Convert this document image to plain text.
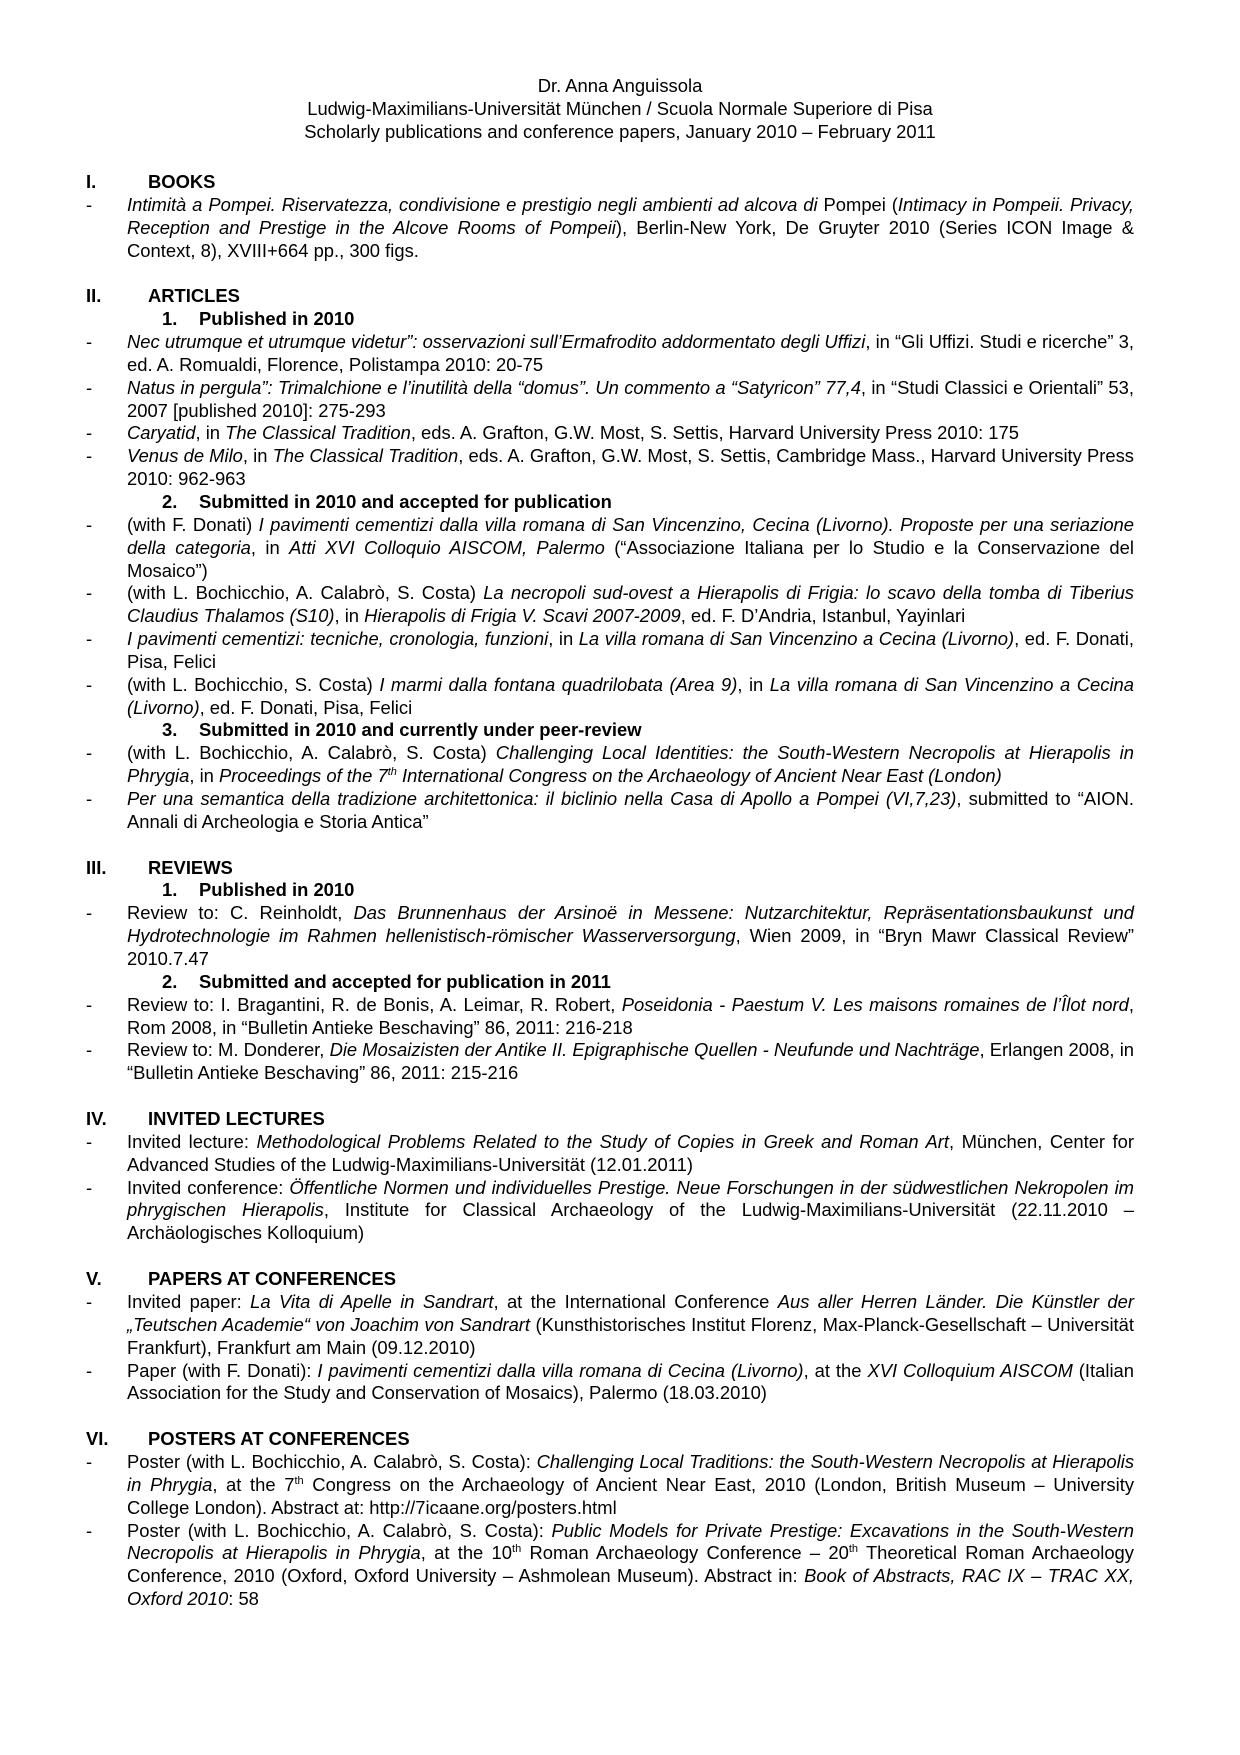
Dr. Anna Anguissola
Ludwig-Maximilians-Universität München / Scuola Normale Superiore di Pisa
Scholarly publications and conference papers, January 2010 – February 2011
I.	BOOKS
- Intimità a Pompei. Riservatezza, condivisione e prestigio negli ambienti ad alcova di Pompei (Intimacy in Pompeii. Privacy, Reception and Prestige in the Alcove Rooms of Pompeii), Berlin-New York, De Gruyter 2010 (Series ICON Image & Context, 8), XVIII+664 pp., 300 figs.
II.	ARTICLES
1. Published in 2010
- Nec utrumque et utrumque videtur”: osservazioni sull’Ermafrodito addormentato degli Uffizi, in “Gli Uffizi. Studi e ricerche” 3, ed. A. Romualdi, Florence, Polistampa 2010: 20-75
- Natus in pergula”: Trimalchione e l’inutilità della “domus”. Un commento a “Satyricon” 77,4, in “Studi Classici e Orientali” 53, 2007 [published 2010]: 275-293
- Caryatid, in The Classical Tradition, eds. A. Grafton, G.W. Most, S. Settis, Harvard University Press 2010: 175
- Venus de Milo, in The Classical Tradition, eds. A. Grafton, G.W. Most, S. Settis, Cambridge Mass., Harvard University Press 2010: 962-963
2. Submitted in 2010 and accepted for publication
- (with F. Donati) I pavimenti cementizi dalla villa romana di San Vincenzino, Cecina (Livorno). Proposte per una seriazione della categoria, in Atti XVI Colloquio AISCOM, Palermo (“Associazione Italiana per lo Studio e la Conservazione del Mosaico”)
- (with L. Bochicchio, A. Calabrò, S. Costa) La necropoli sud-ovest a Hierapolis di Frigia: lo scavo della tomba di Tiberius Claudius Thalamos (S10), in Hierapolis di Frigia V. Scavi 2007-2009, ed. F. D’Andria, Istanbul, Yayinlari
- I pavimenti cementizi: tecniche, cronologia, funzioni, in La villa romana di San Vincenzino a Cecina (Livorno), ed. F. Donati, Pisa, Felici
- (with L. Bochicchio, S. Costa) I marmi dalla fontana quadrilobata (Area 9), in La villa romana di San Vincenzino a Cecina (Livorno), ed. F. Donati, Pisa, Felici
3. Submitted in 2010 and currently under peer-review
- (with L. Bochicchio, A. Calabrò, S. Costa) Challenging Local Identities: the South-Western Necropolis at Hierapolis in Phrygia, in Proceedings of the 7th International Congress on the Archaeology of Ancient Near East (London)
- Per una semantica della tradizione architettonica: il biclinio nella Casa di Apollo a Pompei (VI,7,23), submitted to “AION. Annali di Archeologia e Storia Antica”
III. REVIEWS
1. Published in 2010
- Review to: C. Reinholdt, Das Brunnenhaus der Arsinoë in Messene: Nutzarchitektur, Repräsentationsbaukunst und Hydrotechnologie im Rahmen hellenistisch-römischer Wasserversorgung, Wien 2009, in “Bryn Mawr Classical Review” 2010.7.47
2. Submitted and accepted for publication in 2011
- Review to: I. Bragantini, R. de Bonis, A. Leimar, R. Robert, Poseidonia - Paestum V. Les maisons romaines de l’Îlot nord, Rom 2008, in “Bulletin Antieke Beschaving” 86, 2011: 216-218
- Review to: M. Donderer, Die Mosaizisten der Antike II. Epigraphische Quellen - Neufunde und Nachträge, Erlangen 2008, in “Bulletin Antieke Beschaving” 86, 2011: 215-216
IV. INVITED LECTURES
- Invited lecture: Methodological Problems Related to the Study of Copies in Greek and Roman Art, München, Center for Advanced Studies of the Ludwig-Maximilians-Universität (12.01.2011)
- Invited conference: Öffentliche Normen und individuelles Prestige. Neue Forschungen in der südwestlichen Nekropolen im phrygischen Hierapolis, Institute for Classical Archaeology of the Ludwig-Maximilians-Universität (22.11.2010 – Archäologisches Kolloquium)
V.	PAPERS AT CONFERENCES
- Invited paper: La Vita di Apelle in Sandrart, at the International Conference Aus aller Herren Länder. Die Künstler der „Teutschen Academie“ von Joachim von Sandrart (Kunsthistorisches Institut Florenz, Max-Planck-Gesellschaft – Universität Frankfurt), Frankfurt am Main (09.12.2010)
- Paper (with F. Donati): I pavimenti cementizi dalla villa romana di Cecina (Livorno), at the XVI Colloquium AISCOM (Italian Association for the Study and Conservation of Mosaics), Palermo (18.03.2010)
VI. POSTERS AT CONFERENCES
- Poster (with L. Bochicchio, A. Calabrò, S. Costa): Challenging Local Traditions: the South-Western Necropolis at Hierapolis in Phrygia, at the 7th Congress on the Archaeology of Ancient Near East, 2010 (London, British Museum – University College London). Abstract at: http://7icaane.org/posters.html
- Poster (with L. Bochicchio, A. Calabrò, S. Costa): Public Models for Private Prestige: Excavations in the South-Western Necropolis at Hierapolis in Phrygia, at the 10th Roman Archaeology Conference – 20th Theoretical Roman Archaeology Conference, 2010 (Oxford, Oxford University – Ashmolean Museum). Abstract in: Book of Abstracts, RAC IX – TRAC XX, Oxford 2010: 58
